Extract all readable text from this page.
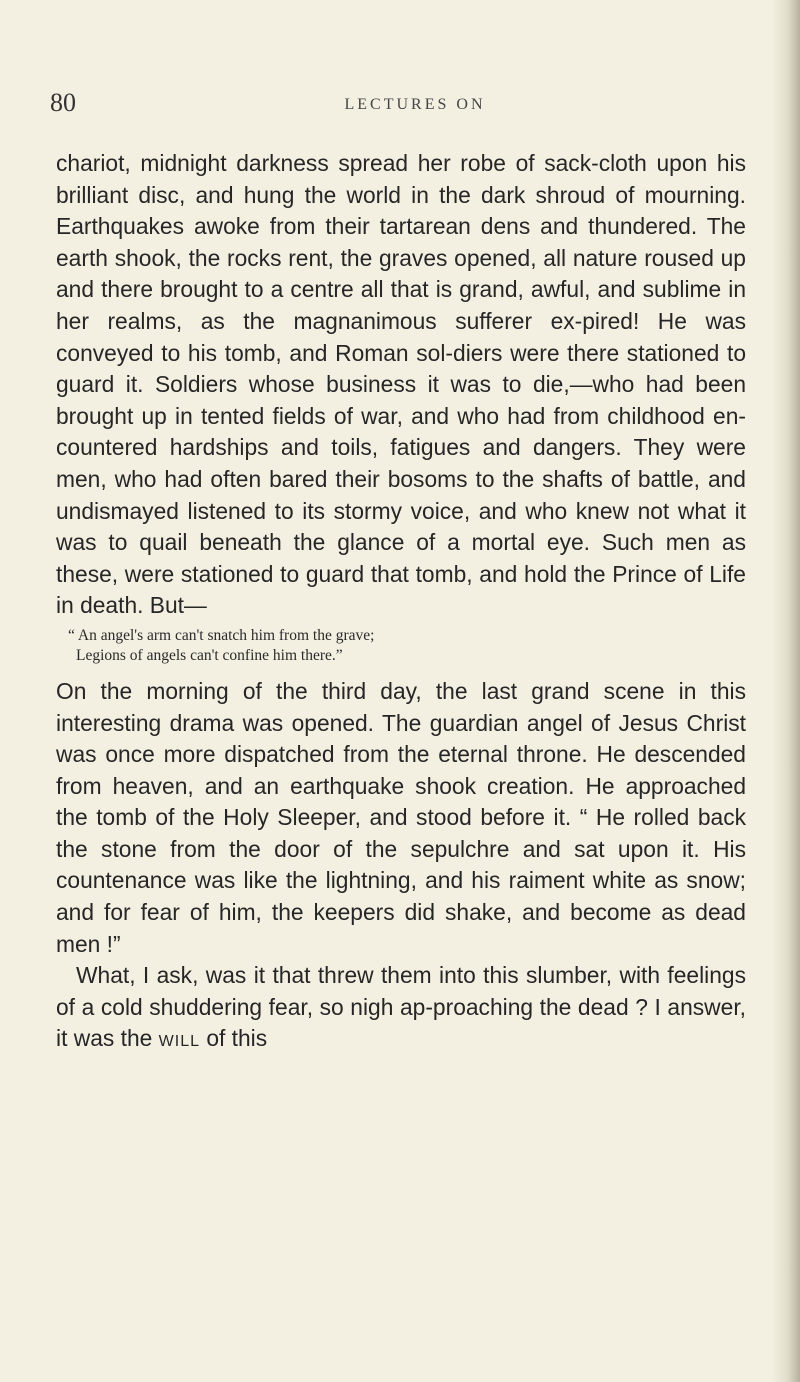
80	LECTURES ON

chariot, midnight darkness spread her robe of sack-cloth upon his brilliant disc, and hung the world in the dark shroud of mourning. Earthquakes awoke from their tartarean dens and thundered. The earth shook, the rocks rent, the graves opened, all nature roused up and there brought to a centre all that is grand, awful, and sublime in her realms, as the magnanimous sufferer ex-pired! He was conveyed to his tomb, and Roman sol-diers were there stationed to guard it. Soldiers whose business it was to die,—who had been brought up in tented fields of war, and who had from childhood en-countered hardships and toils, fatigues and dangers. They were men, who had often bared their bosoms to the shafts of battle, and undismayed listened to its stormy voice, and who knew not what it was to quail beneath the glance of a mortal eye. Such men as these, were stationed to guard that tomb, and hold the Prince of Life in death. But—

“ An angel's arm can't snatch him from the grave;
Legions of angels can't confine him there.”

On the morning of the third day, the last grand scene in this interesting drama was opened. The guardian angel of Jesus Christ was once more dispatched from the eternal throne. He descended from heaven, and an earthquake shook creation. He approached the tomb of the Holy Sleeper, and stood before it. “ He rolled back the stone from the door of the sepulchre and sat upon it. His countenance was like the lightning, and his raiment white as snow; and for fear of him, the keepers did shake, and become as dead men !”

What, I ask, was it that threw them into this slumber, with feelings of a cold shuddering fear, so nigh ap-proaching the dead ? I answer, it was the will of this
